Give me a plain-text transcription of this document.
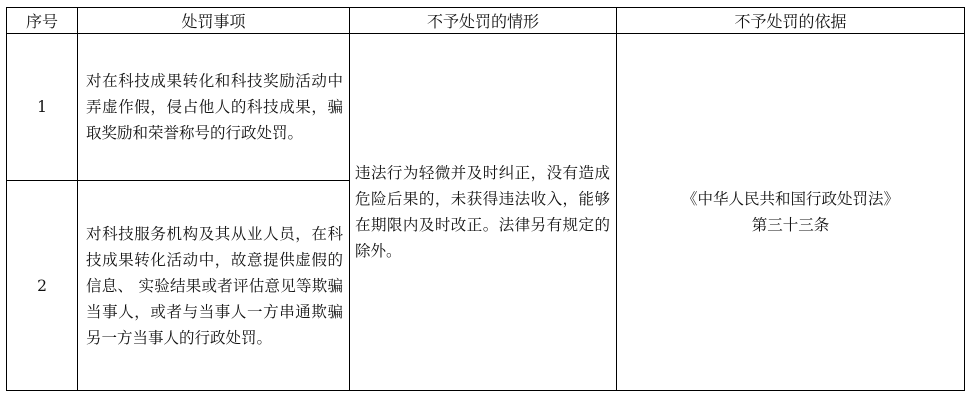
序号	处罚事项	不予处罚的情形	不予处罚的依据
1	对在科技成果转化和科技奖励活动中弄虚作假，侵占他人的科技成果，骗取奖励和荣誉称号的行政处罚。	违法行为轻微并及时纠正，没有造成危险后果的，未获得违法收入，能够在期限内及时改正。法律另有规定的除外。	《中华人民共和国行政处罚法》
第三十三条

2	对科技服务机构及其从业人员，在科技成果转化活动中，故意提供虚假的信息、 实验结果或者评估意见等欺骗当事人，或者与当事人一方串通欺骗另一方当事人的行政处罚。		
